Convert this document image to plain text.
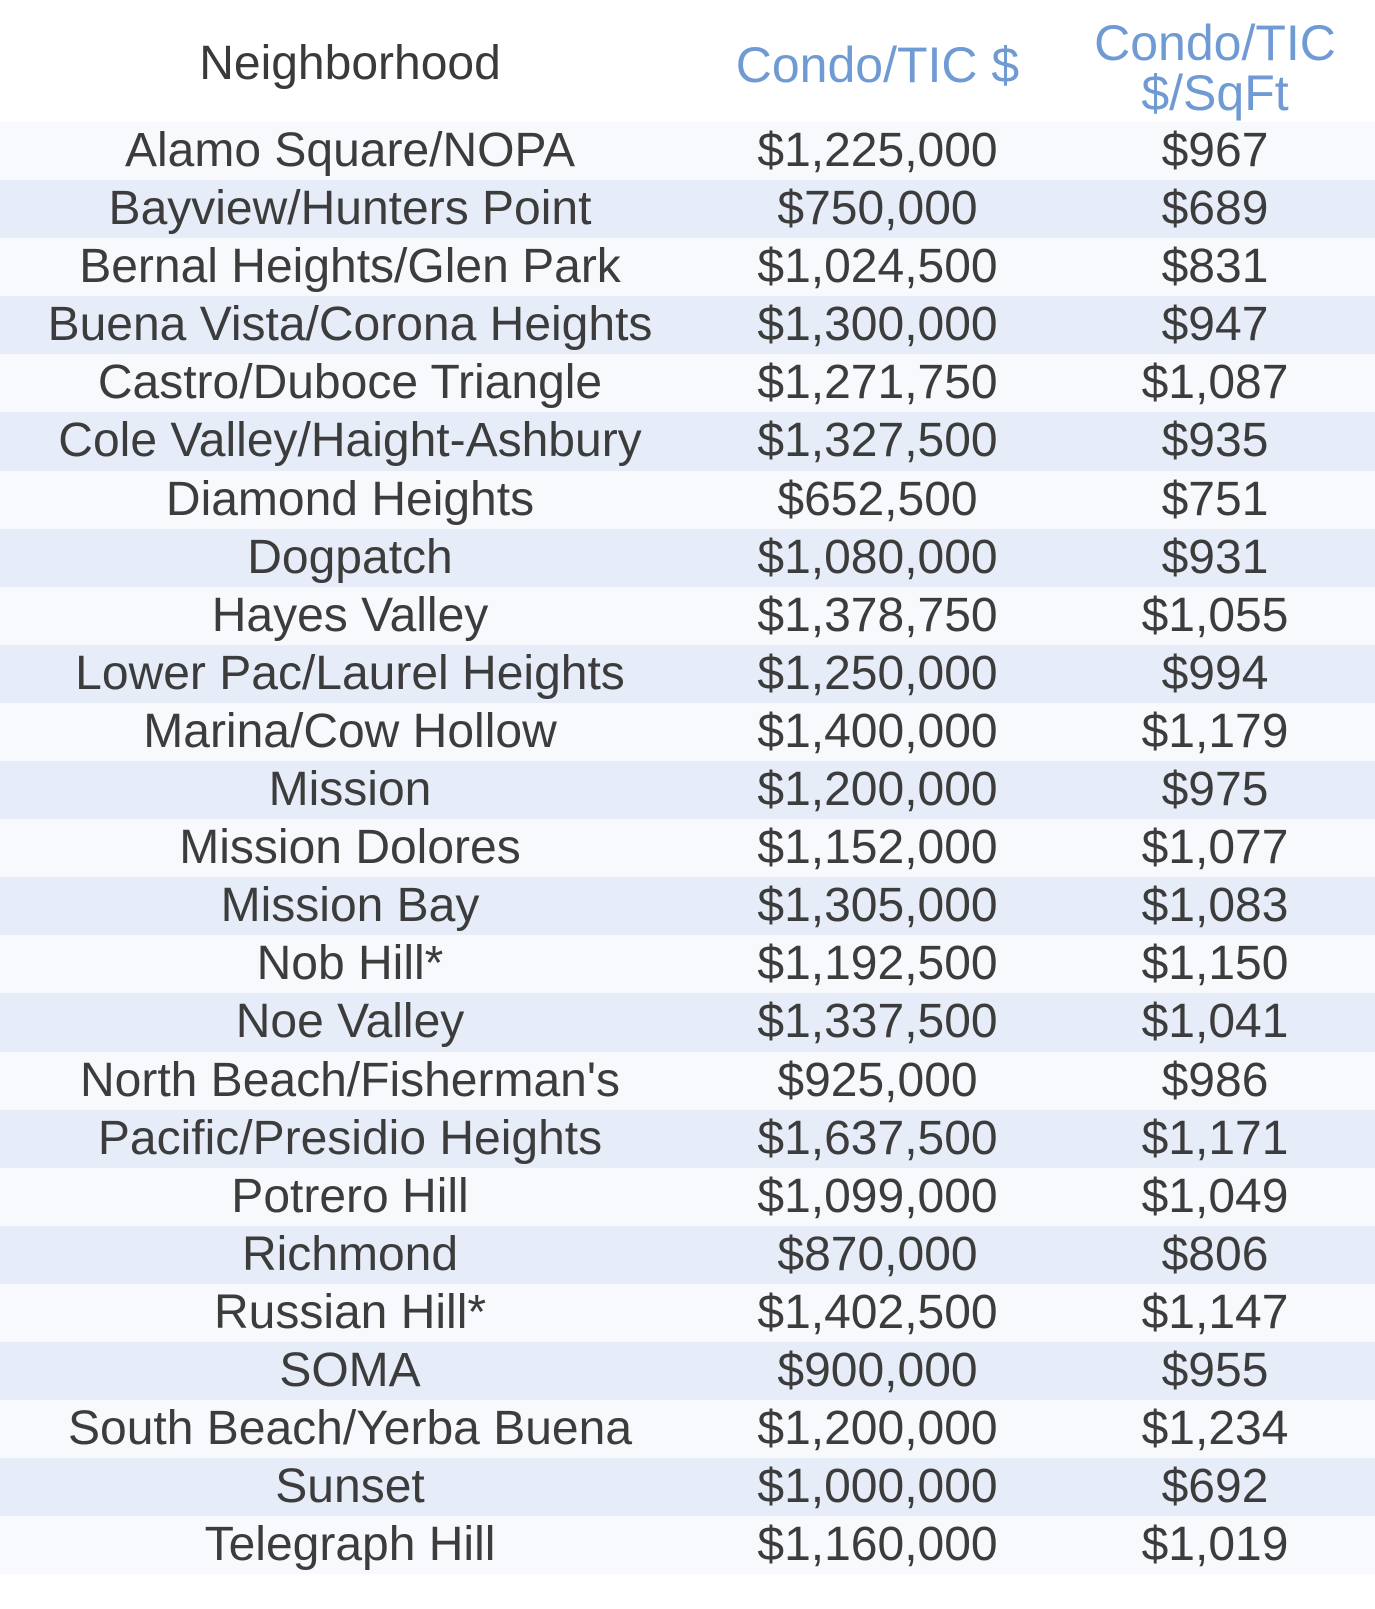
Neighborhood	Condo/TIC $	Condo/TIC
$/SqFt
Alamo Square/NOPA	$1,225,000	$967
Bayview/Hunters Point	$750,000	$689
Bernal Heights/Glen Park	$1,024,500	$831
Buena Vista/Corona Heights	$1,300,000	$947
Castro/Duboce Triangle	$1,271,750	$1,087
Cole Valley/Haight-Ashbury	$1,327,500	$935
Diamond Heights	$652,500	$751
Dogpatch	$1,080,000	$931
Hayes Valley	$1,378,750	$1,055
Lower Pac/Laurel Heights	$1,250,000	$994
Marina/Cow Hollow	$1,400,000	$1,179
Mission	$1,200,000	$975
Mission Dolores	$1,152,000	$1,077
Mission Bay	$1,305,000	$1,083
Nob Hill*	$1,192,500	$1,150
Noe Valley	$1,337,500	$1,041
North Beach/Fisherman's	$925,000	$986
Pacific/Presidio Heights	$1,637,500	$1,171
Potrero Hill	$1,099,000	$1,049
Richmond	$870,000	$806
Russian Hill*	$1,402,500	$1,147
SOMA	$900,000	$955
South Beach/Yerba Buena	$1,200,000	$1,234
Sunset	$1,000,000	$692
Telegraph Hill	$1,160,000	$1,019
